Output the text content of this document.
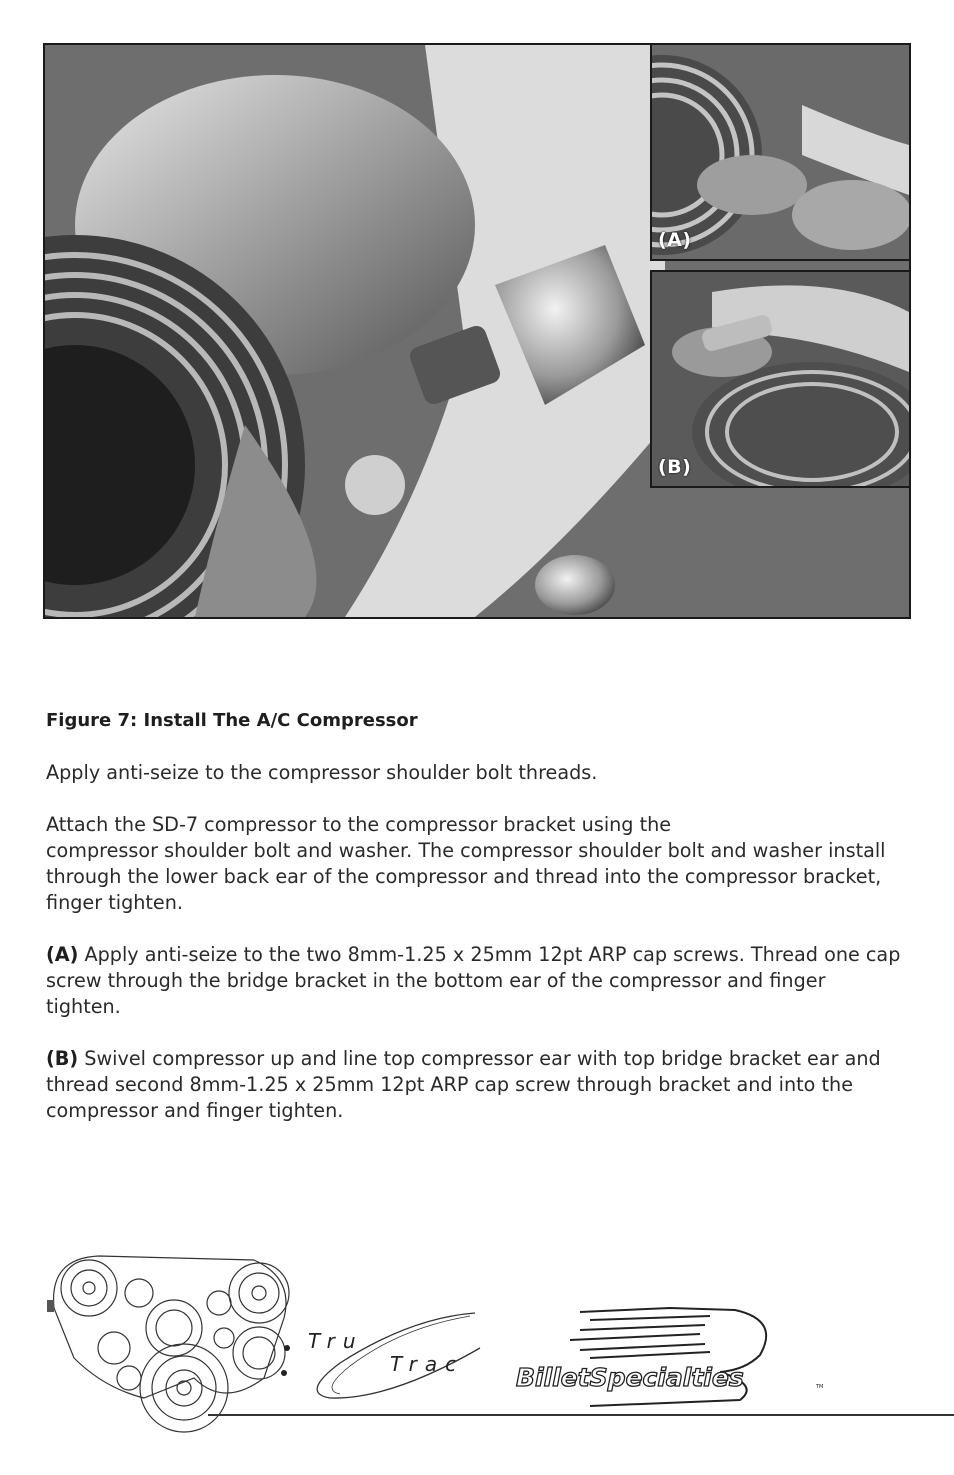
(A)
(B)
Figure 7: Install The A/C Compressor
Apply anti-seize to the compressor shoulder bolt threads.
Attach the SD-7 compressor to the compressor bracket using the
compressor shoulder bolt and washer. The compressor shoulder bolt and washer install through the lower back ear of the compressor and thread into the compressor bracket, finger tighten.
(A) Apply anti-seize to the two 8mm-1.25 x 25mm 12pt ARP cap screws. Thread one cap screw through the bridge bracket in the bottom ear of the compressor and finger tighten.
(B) Swivel compressor up and line top compressor ear with top bridge bracket ear and thread second 8mm-1.25 x 25mm 12pt ARP cap screw through bracket and into the compressor and finger tighten.
Tru
Trac BilletSpecialties	TM
